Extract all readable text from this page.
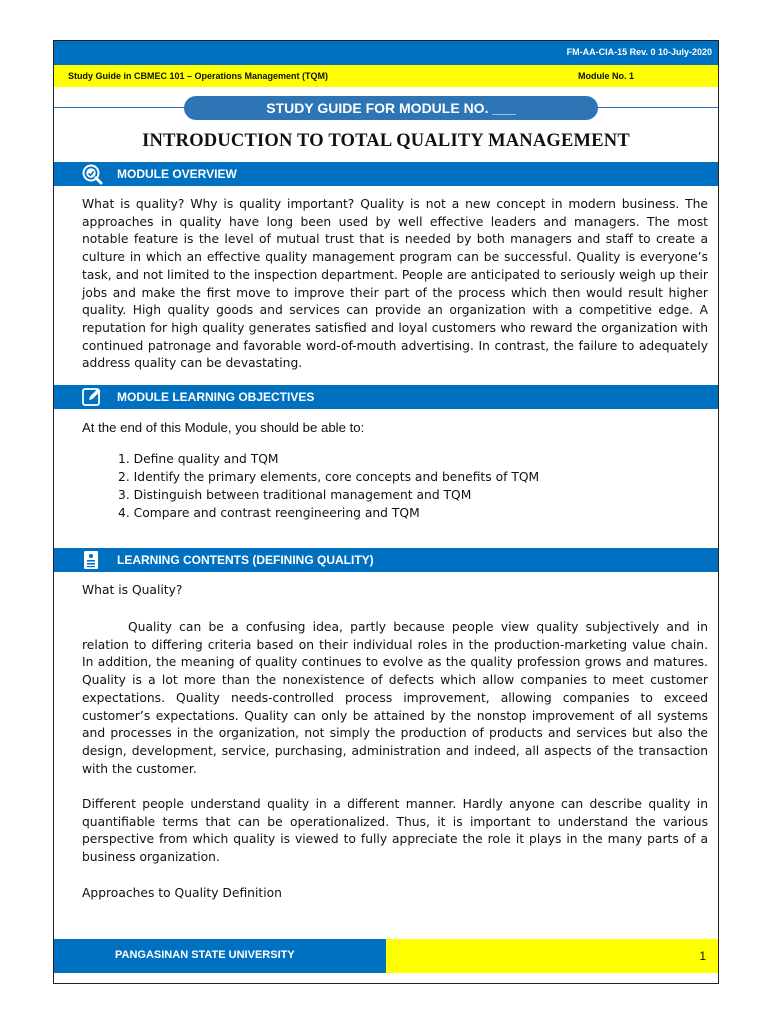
FM-AA-CIA-15 Rev. 0 10-July-2020
Study Guide in CBMEC 101 – Operations Management (TQM)	Module No. 1
STUDY GUIDE FOR MODULE NO. ___
INTRODUCTION TO TOTAL QUALITY MANAGEMENT
MODULE OVERVIEW
What is quality? Why is quality important? Quality is not a new concept in modern business. The approaches in quality have long been used by well effective leaders and managers. The most notable feature is the level of mutual trust that is needed by both managers and staff to create a culture in which an effective quality management program can be successful. Quality is everyone’s task, and not limited to the inspection department. People are anticipated to seriously weigh up their jobs and make the first move to improve their part of the process which then would result higher quality. High quality goods and services can provide an organization with a competitive edge. A reputation for high quality generates satisfied and loyal customers who reward the organization with continued patronage and favorable word-of-mouth advertising. In contrast, the failure to adequately address quality can be devastating.
MODULE LEARNING OBJECTIVES
At the end of this Module, you should be able to:
1. Define quality and TQM
2. Identify the primary elements, core concepts and benefits of TQM
3. Distinguish between traditional management and TQM
4. Compare and contrast reengineering and TQM
LEARNING CONTENTS (DEFINING QUALITY)
What is Quality?
Quality can be a confusing idea, partly because people view quality subjectively and in relation to differing criteria based on their individual roles in the production-marketing value chain. In addition, the meaning of quality continues to evolve as the quality profession grows and matures. Quality is a lot more than the nonexistence of defects which allow companies to meet customer expectations. Quality needs-controlled process improvement, allowing companies to exceed customer’s expectations. Quality can only be attained by the nonstop improvement of all systems and processes in the organization, not simply the production of products and services but also the design, development, service, purchasing, administration and indeed, all aspects of the transaction with the customer.
Different people understand quality in a different manner. Hardly anyone can describe quality in quantifiable terms that can be operationalized. Thus, it is important to understand the various perspective from which quality is viewed to fully appreciate the role it plays in the many parts of a business organization.
Approaches to Quality Definition
PANGASINAN STATE UNIVERSITY	1
